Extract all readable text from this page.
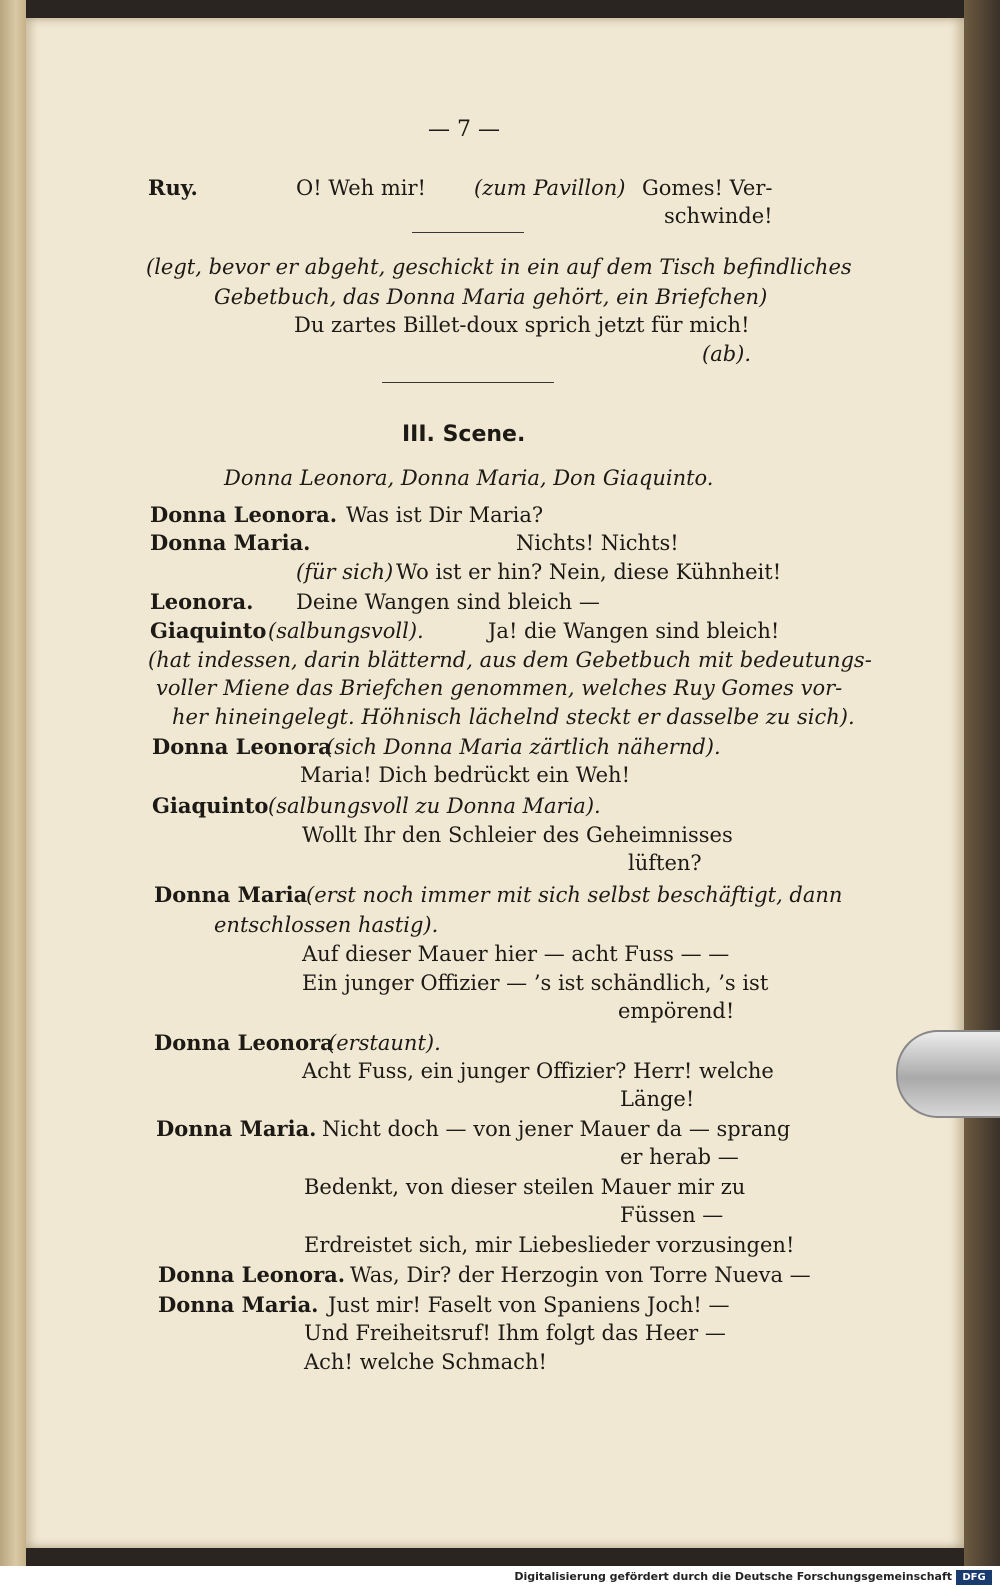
— 7 —
Ruy.	O! Weh mir! (zum Pavillon) Gomes! Ver-
schwinde!
(legt, bevor er abgeht, geschickt in ein auf dem Tisch befindliches
Gebetbuch, das Donna Maria gehört, ein Briefchen)
Du zartes Billet-doux sprich jetzt für mich!
(ab).
III. Scene.
Donna Leonora, Donna Maria, Don Giaquinto.
Donna Leonora. Was ist Dir Maria?
Donna Maria.	Nichts! Nichts!
(für sich) Wo ist er hin? Nein, diese Kühnheit!
Leonora. Deine Wangen sind bleich —
Giaquinto (salbungsvoll).	Ja! die Wangen sind bleich!
(hat indessen, darin blätternd, aus dem Gebetbuch mit bedeutungs-
voller Miene das Briefchen genommen, welches Ruy Gomes vor-
her hineingelegt. Höhnisch lächelnd steckt er dasselbe zu sich).
Donna Leonora
(sich Donna Maria zärtlich nähernd).
Maria! Dich bedrückt ein Weh!
Giaquinto (salbungsvoll zu Donna Maria).
Wollt Ihr den Schleier des Geheimnisses
lüften?
Donna Maria
(erst noch immer mit sich selbst beschäftigt, dann
entschlossen hastig).
Auf dieser Mauer hier — acht Fuss — —
Ein junger Offizier — ’s ist schändlich, ’s ist
empörend!
Donna Leonora
(erstaunt).
Acht Fuss, ein junger Offizier? Herr! welche
Länge!
Donna Maria. Nicht doch — von jener Mauer da — sprang
er herab —
Bedenkt, von dieser steilen Mauer mir zu
Füssen —
Erdreistet sich, mir Liebeslieder vorzusingen!
Donna Leonora. Was, Dir? der Herzogin von Torre Nueva —
Donna Maria. Just mir! Faselt von Spaniens Joch! —
Und Freiheitsruf! Ihm folgt das Heer —
Ach! welche Schmach!
Digitalisierung gefördert durch die Deutsche Forschungsgemeinschaft	DFG
